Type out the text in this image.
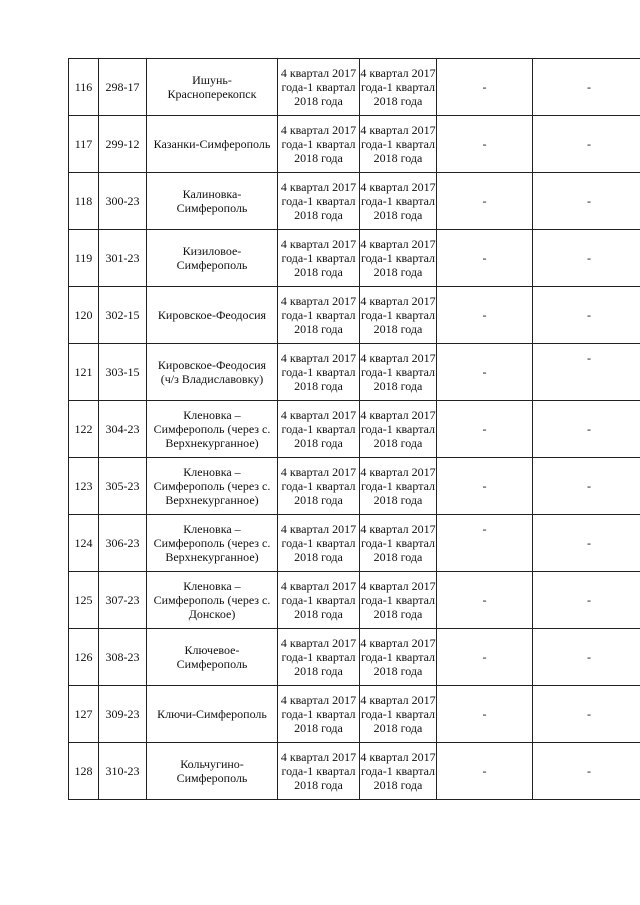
116	298-17	Ишунь-Красноперекопск	4 квартал 2017 года-1 квартал 2018 года	4 квартал 2017 года-1 квартал 2018 года	-	-
117	299-12	Казанки-Симферополь	4 квартал 2017 года-1 квартал 2018 года	4 квартал 2017 года-1 квартал 2018 года	-	-
118	300-23	Калиновка-Симферополь	4 квартал 2017 года-1 квартал 2018 года	4 квартал 2017 года-1 квартал 2018 года	-	-
119	301-23	Кизиловое-Симферополь	4 квартал 2017 года-1 квартал 2018 года	4 квартал 2017 года-1 квартал 2018 года	-	-
120	302-15	Кировское-Феодосия	4 квартал 2017 года-1 квартал 2018 года	4 квартал 2017 года-1 квартал 2018 года	-	-
121	303-15	Кировское-Феодосия (ч/з Владиславовку)	4 квартал 2017 года-1 квартал 2018 года	4 квартал 2017 года-1 квартал 2018 года	-	-
122	304-23	Кленовка – Симферополь (через с. Верхнекурганное)	4 квартал 2017 года-1 квартал 2018 года	4 квартал 2017 года-1 квартал 2018 года	-	-
123	305-23	Кленовка – Симферополь (через с. Верхнекурганное)	4 квартал 2017 года-1 квартал 2018 года	4 квартал 2017 года-1 квартал 2018 года	-	-
124	306-23	Кленовка – Симферополь (через с. Верхнекурганное)	4 квартал 2017 года-1 квартал 2018 года	4 квартал 2017 года-1 квартал 2018 года	-	-
125	307-23	Кленовка – Симферополь (через с. Донское)	4 квартал 2017 года-1 квартал 2018 года	4 квартал 2017 года-1 квартал 2018 года	-	-
126	308-23	Ключевое-Симферополь	4 квартал 2017 года-1 квартал 2018 года	4 квартал 2017 года-1 квартал 2018 года	-	-
127	309-23	Ключи-Симферополь	4 квартал 2017 года-1 квартал 2018 года	4 квартал 2017 года-1 квартал 2018 года	-	-
128	310-23	Кольчугино-Симферополь	4 квартал 2017 года-1 квартал 2018 года	4 квартал 2017 года-1 квартал 2018 года	-	-
